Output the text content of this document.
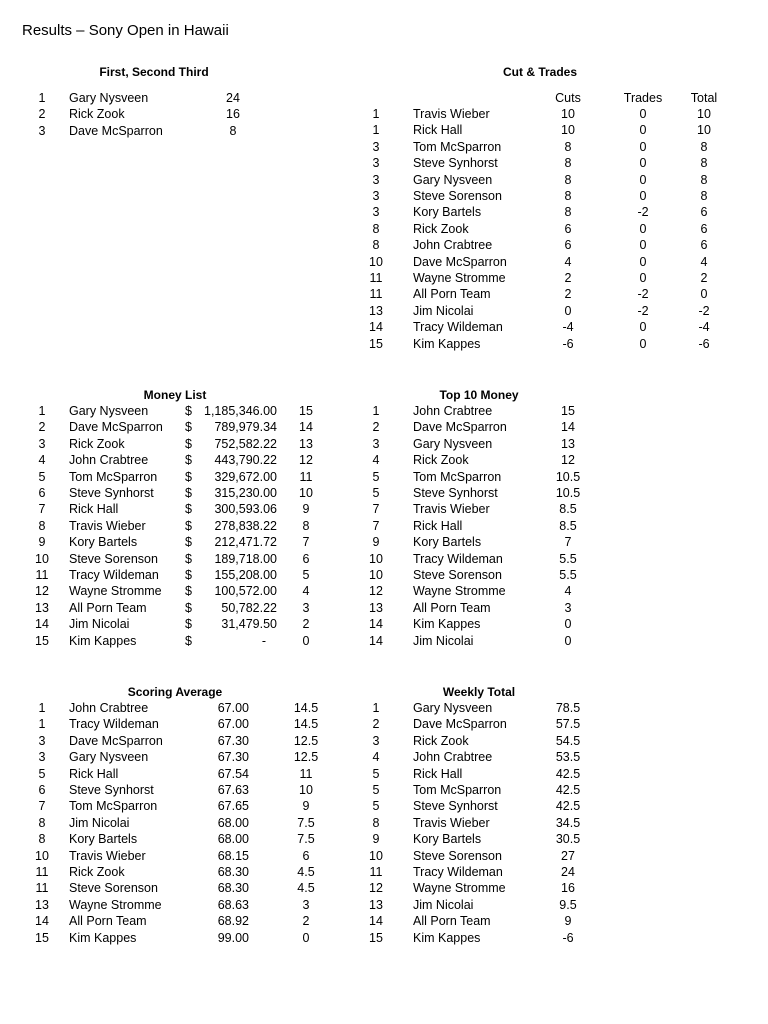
Results – Sony Open in Hawaii
First, Second Third
1 Gary Nysveen	24
2 Rick Zook	16
3 Dave McSparron	8
Cut & Trades
Cuts	Trades Total
1	Travis Wieber	10	0	10
1	Rick Hall	10	0	10
3	Tom McSparron	8	0	8
3	Steve Synhorst	8	0	8
3	Gary Nysveen	8	0	8
3	Steve Sorenson	8	0	8
3	Kory Bartels	8	-2	6
8	Rick Zook	6	0	6
8	John Crabtree	6	0	6
10 Dave McSparron	4	0	4
11 Wayne Stromme	2	0	2
11 All Porn Team	2	-2	0
13 Jim Nicolai	0	-2	-2
14 Tracy Wildeman	-4	0	-4
15 Kim Kappes	-6	0	-6
Money List
1 Gary Nysveen	$ 1,185,346.00 15
2 Dave McSparron $	789,979.34 14
3 Rick Zook	$	752,582.22 13
4 John Crabtree	$	443,790.22 12
5 Tom McSparron $	329,672.00 11
6 Steve Synhorst $	315,230.00 10
7 Rick Hall	$	300,593.06 9
8 Travis Wieber	$	278,838.22 8
9 Kory Bartels	$	212,471.72 7
10 Steve Sorenson $	189,718.00 6
11 Tracy Wildeman $	155,208.00 5
12 Wayne Stromme $	100,572.00 4
13 All Porn Team	$	50,782.22 3
14 Jim Nicolai	$	31,479.50 2
15 Kim Kappes	$	-	0
Top 10 Money
1	John Crabtree	15
2	Dave McSparron	14
3	Gary Nysveen	13
4	Rick Zook	12
5	Tom McSparron	10.5
5	Steve Synhorst	10.5
7	Travis Wieber	8.5
7	Rick Hall	8.5
9	Kory Bartels	7
10 Tracy Wildeman	5.5
10 Steve Sorenson	5.5
12 Wayne Stromme	4
13 All Porn Team	3
14 Kim Kappes	0
14 Jim Nicolai	0
Scoring Average
1 John Crabtree	67.00	14.5
1 Tracy Wildeman	67.00	14.5
3 Dave McSparron	67.30	12.5
3 Gary Nysveen	67.30	12.5
5 Rick Hall	67.54	11
6 Steve Synhorst	67.63	10
7 Tom McSparron	67.65	9
8 Jim Nicolai	68.00	7.5
8 Kory Bartels	68.00	7.5
10 Travis Wieber	68.15	6
11 Rick Zook	68.30	4.5
11 Steve Sorenson	68.30	4.5
13 Wayne Stromme	68.63	3
14 All Porn Team	68.92	2
15 Kim Kappes	99.00	0
Weekly Total
1	Gary Nysveen	78.5
2	Dave McSparron	57.5
3	Rick Zook	54.5
4	John Crabtree	53.5
5	Rick Hall	42.5
5	Tom McSparron	42.5
5	Steve Synhorst	42.5
8	Travis Wieber	34.5
9	Kory Bartels	30.5
10 Steve Sorenson	27
11 Tracy Wildeman	24
12 Wayne Stromme	16
13 Jim Nicolai	9.5
14 All Porn Team	9
15 Kim Kappes	-6
